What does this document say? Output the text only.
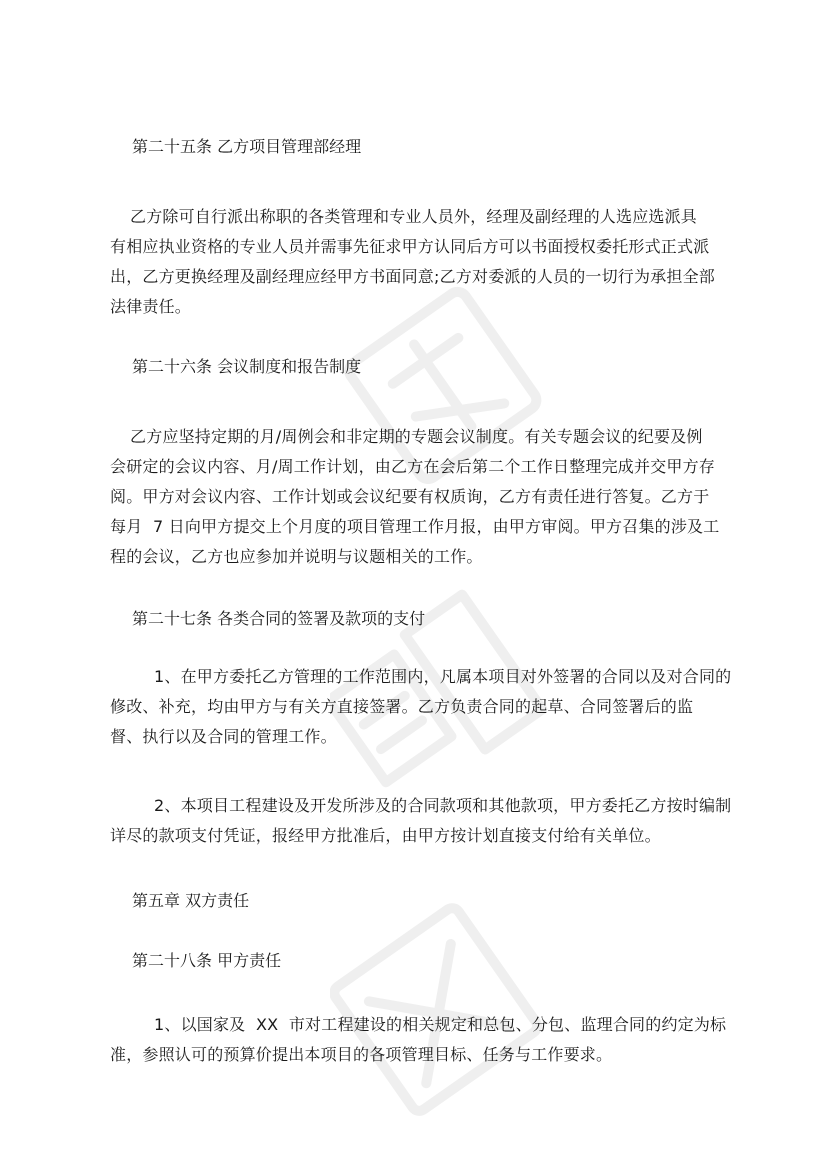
第二十五条 乙方项目管理部经理

乙方除可自行派出称职的各类管理和专业人员外，经理及副经理的人选应选派具
有相应执业资格的专业人员并需事先征求甲方认同后方可以书面授权委托形式正式派
出，乙方更换经理及副经理应经甲方书面同意;乙方对委派的人员的一切行为承担全部
法律责任。

第二十六条 会议制度和报告制度

乙方应坚持定期的月/周例会和非定期的专题会议制度。有关专题会议的纪要及例
会研定的会议内容、月/周工作计划，由乙方在会后第二个工作日整理完成并交甲方存
阅。甲方对会议内容、工作计划或会议纪要有权质询，乙方有责任进行答复。乙方于
每月  7 日向甲方提交上个月度的项目管理工作月报，由甲方审阅。甲方召集的涉及工
程的会议，乙方也应参加并说明与议题相关的工作。

第二十七条 各类合同的签署及款项的支付

1、在甲方委托乙方管理的工作范围内，凡属本项目对外签署的合同以及对合同的
修改、补充，均由甲方与有关方直接签署。乙方负责合同的起草、合同签署后的监
督、执行以及合同的管理工作。
2、本项目工程建设及开发所涉及的合同款项和其他款项，甲方委托乙方按时编制
详尽的款项支付凭证，报经甲方批准后，由甲方按计划直接支付给有关单位。

第五章 双方责任

第二十八条 甲方责任

1、以国家及  XX  市对工程建设的相关规定和总包、分包、监理合同的约定为标
准，参照认可的预算价提出本项目的各项管理目标、任务与工作要求。
